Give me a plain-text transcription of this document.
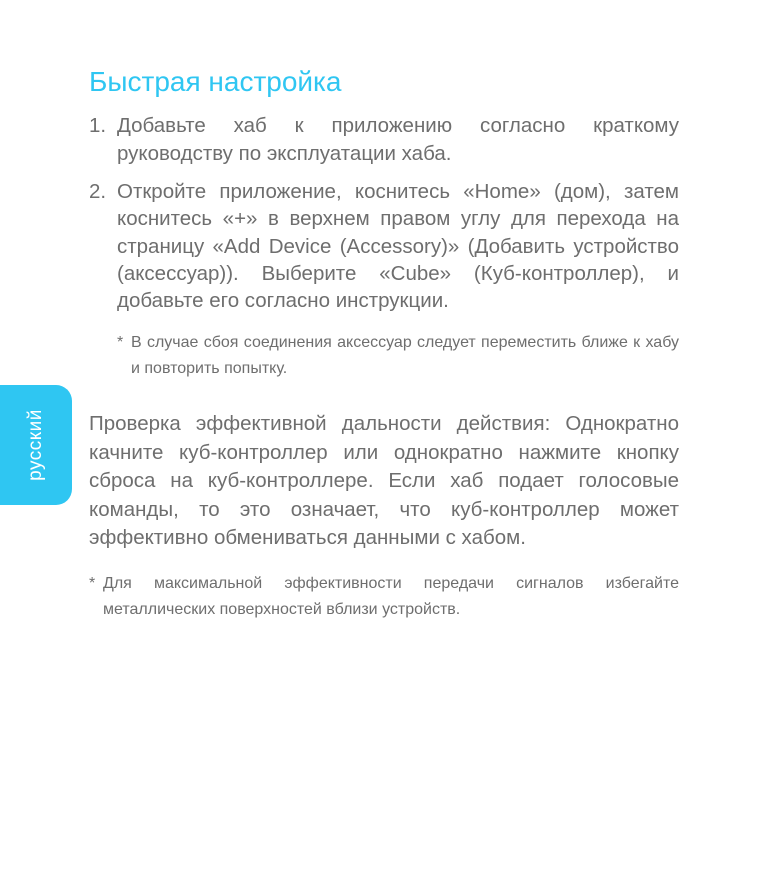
русский
Быстрая настройка
1. Добавьте хаб к приложению согласно краткому руководству по эксплуатации хаба.
2. Откройте приложение, коснитесь «Home» (дом), затем коснитесь «+» в верхнем правом углу для перехода на страницу «Add Device (Accessory)» (Добавить устройство (аксессуар)). Выберите «Cube» (Куб-контроллер), и добавьте его согласно инструкции.
* В случае сбоя соединения аксессуар следует переместить ближе к хабу и повторить попытку.

Проверка эффективной дальности действия: Однократно качните куб-контроллер или однократно нажмите кнопку сброса на куб-контроллере. Если хаб подает голосовые команды, то это означает, что куб-контроллер может эффективно обмениваться данными с хабом.

* Для максимальной эффективности передачи сигналов избегайте металлических поверхностей вблизи устройств.
